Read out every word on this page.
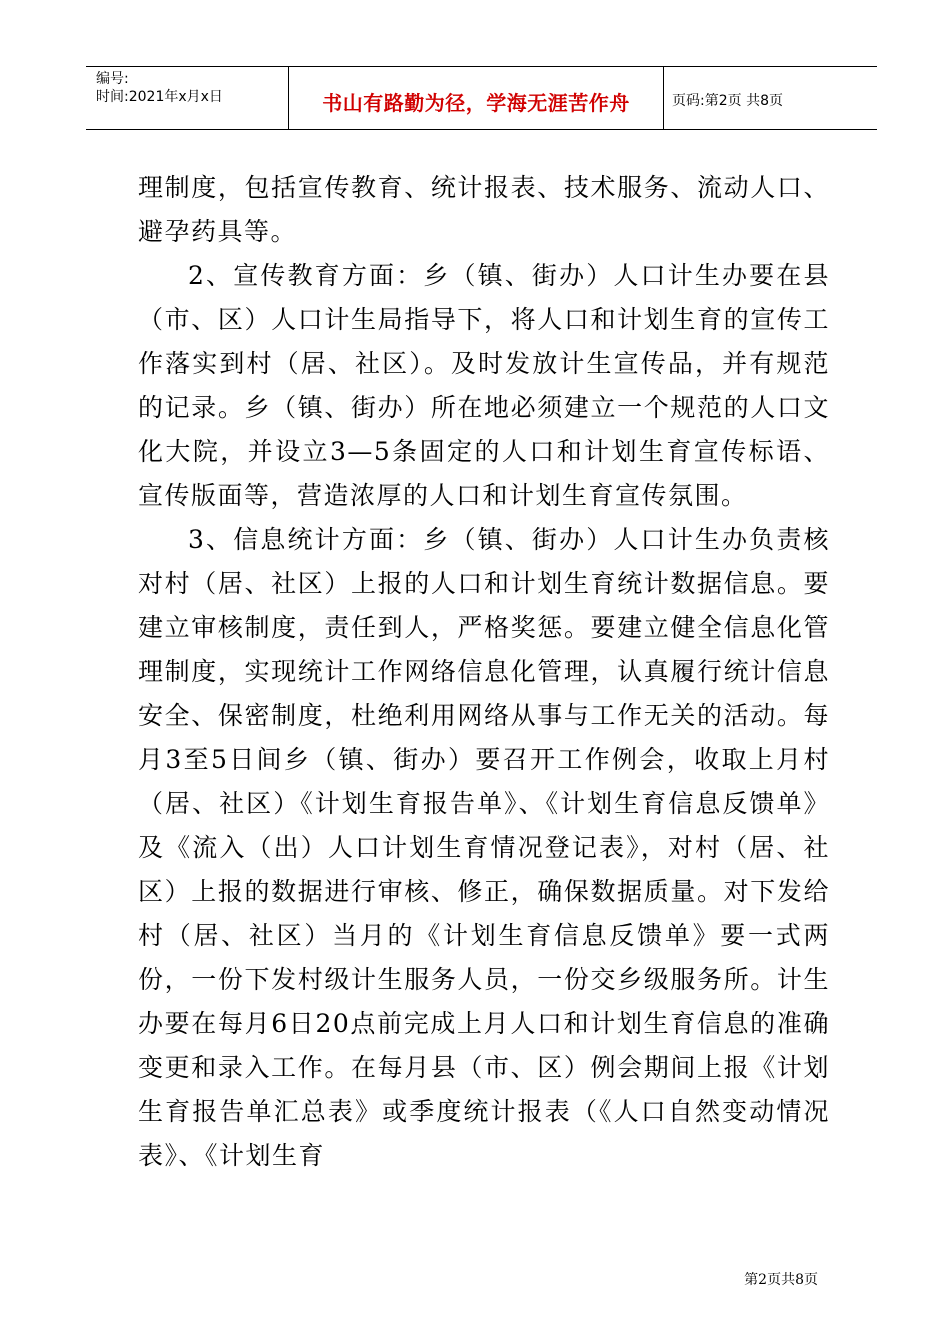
编号:
时间:2021年x月x日	书山有路勤为径，学海无涯苦作舟	页码:第2页 共8页

理制度，包括宣传教育、统计报表、技术服务、流动人口、避孕药具等。

2、宣传教育方面：乡（镇、街办）人口计生办要在县（市、区）人口计生局指导下，将人口和计划生育的宣传工作落实到村（居、社区）。及时发放计生宣传品，并有规范的记录。乡（镇、街办）所在地必须建立一个规范的人口文化大院，并设立3—5条固定的人口和计划生育宣传标语、宣传版面等，营造浓厚的人口和计划生育宣传氛围。

3、信息统计方面：乡（镇、街办）人口计生办负责核对村（居、社区）上报的人口和计划生育统计数据信息。要建立审核制度，责任到人，严格奖惩。要建立健全信息化管理制度，实现统计工作网络信息化管理，认真履行统计信息安全、保密制度，杜绝利用网络从事与工作无关的活动。每月3至5日间乡（镇、街办）要召开工作例会，收取上月村（居、社区）《计划生育报告单》、《计划生育信息反馈单》及《流入（出）人口计划生育情况登记表》，对村（居、社区）上报的数据进行审核、修正，确保数据质量。对下发给村（居、社区）当月的《计划生育信息反馈单》要一式两份，一份下发村级计生服务人员，一份交乡级服务所。计生办要在每月6日20点前完成上月人口和计划生育信息的准确变更和录入工作。在每月县（市、区）例会期间上报《计划生育报告单汇总表》或季度统计报表（《人口自然变动情况表》、《计划生育

第2页共8页
